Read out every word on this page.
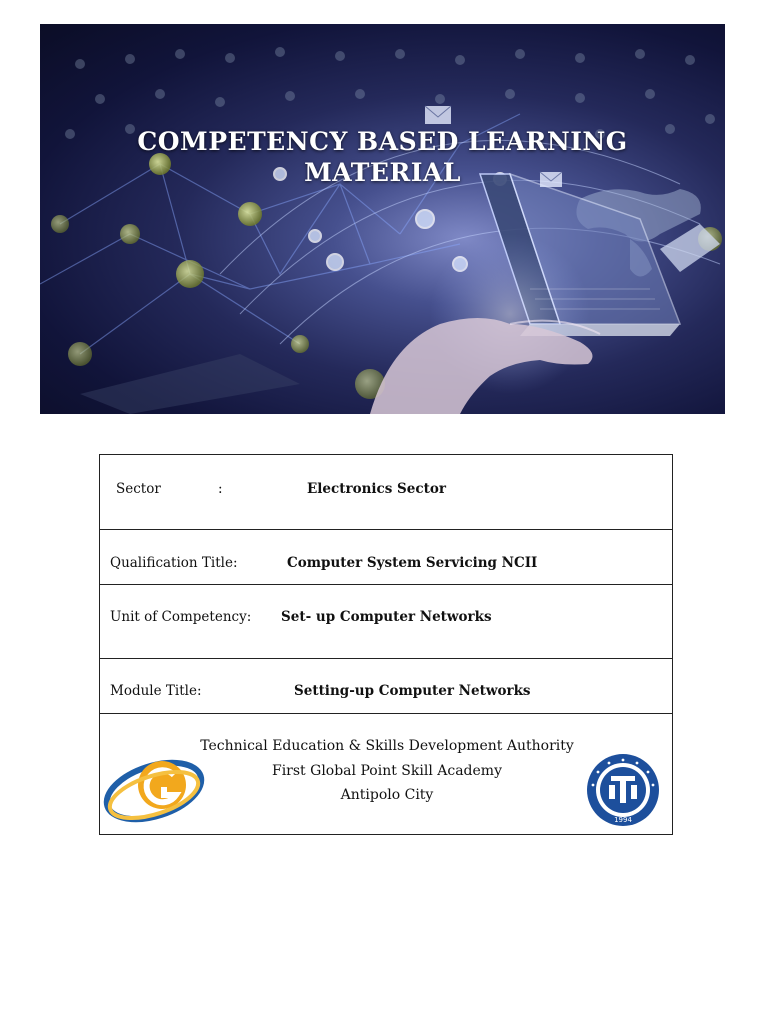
COMPETENCY BASED LEARNING
MATERIAL
Sector	:	Electronics Sector
Qualification Title:	Computer System Servicing NCII
Unit of Competency: Set- up Computer Networks
Module Title:	Setting-up Computer Networks
Technical Education & Skills Development Authority
First Global Point Skill Academy
Antipolo City
1994
